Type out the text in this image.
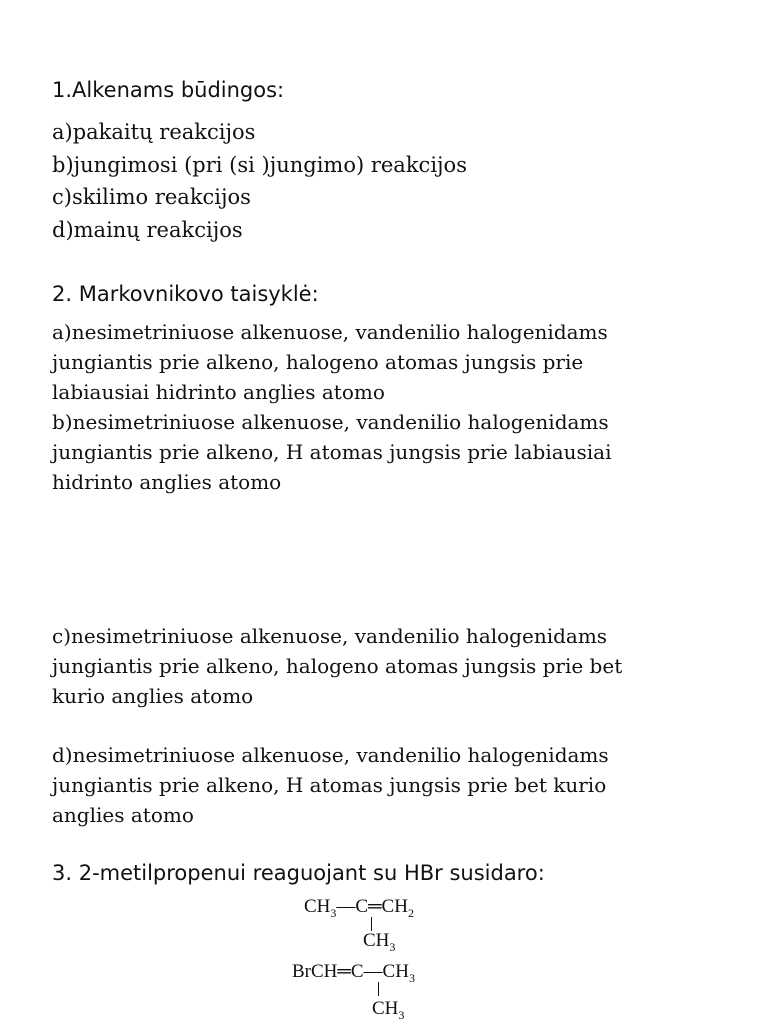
1.Alkenams būdingos:
a)pakaitų reakcijos
b)jungimosi (pri (si )jungimo) reakcijos
c)skilimo reakcijos
d)mainų reakcijos
2. Markovnikovo taisyklė:
a)nesimetriniuose alkenuose, vandenilio halogenidams
jungiantis prie alkeno, halogeno atomas jungsis prie
labiausiai hidrinto anglies atomo
b)nesimetriniuose alkenuose, vandenilio halogenidams
jungiantis prie alkeno, H atomas jungsis prie labiausiai
hidrinto anglies atomo
c)nesimetriniuose alkenuose, vandenilio halogenidams
jungiantis prie alkeno, halogeno atomas jungsis prie bet
kurio anglies atomo
d)nesimetriniuose alkenuose, vandenilio halogenidams
jungiantis prie alkeno, H atomas jungsis prie bet kurio
anglies atomo
3. 2-metilpropenui reaguojant su HBr susidaro:
$CH_3—C═CH_2$
$CH_3$
$BrCH═C—CH_3$
$CH_3$
